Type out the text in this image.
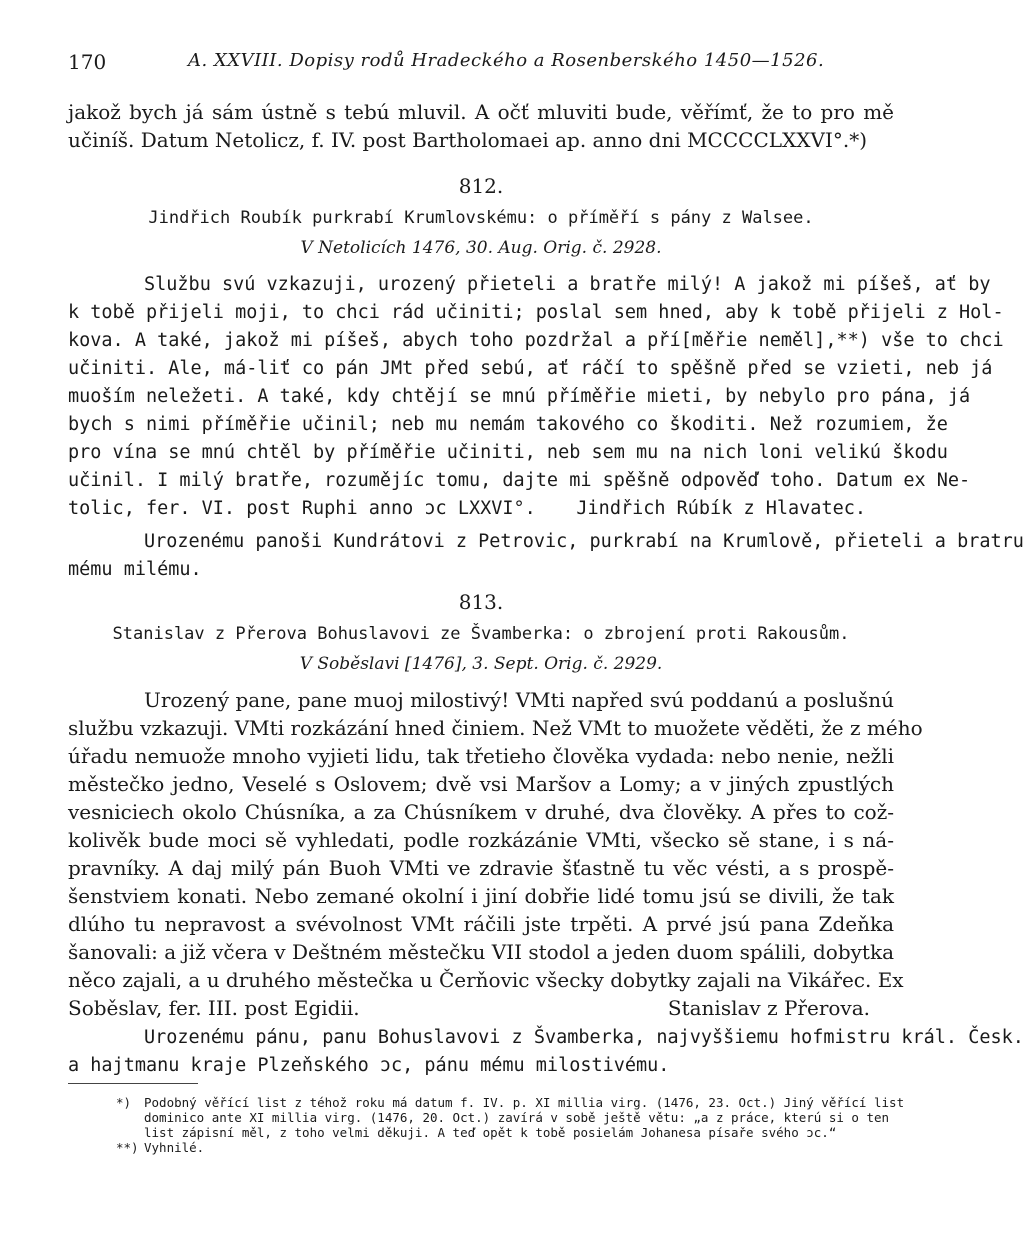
170	A. XXVIII. Dopisy rodů Hradeckého a Rosenberského 1450—1526.
jakož bych já sám ústně s tebú mluvil. A očť mluviti bude, věřímť, že to pro mě
učiníš. Datum Netolicz, f. IV. post Bartholomaei ap. anno dni MCCCCLXXVI°.*)
812.
Jindřich Roubík purkrabí Krumlovskému: o příměří s pány z Walsee.
V Netolicích 1476, 30. Aug. Orig. č. 2928.
Službu svú vzkazuji, urozený přieteli a bratře milý! A jakož mi píšeš, ať by
k tobě přijeli moji, to chci rád učiniti; poslal sem hned, aby k tobě přijeli z Hol-
kova. A také, jakož mi píšeš, abych toho pozdržal a pří[měřie neměl],**) vše to chci
učiniti. Ale, má-liť co pán JMt před sebú, ať ráčí to spěšně před se vzieti, neb já
muoším neležeti. A také, kdy chtějí se mnú příměřie mieti, by nebylo pro pána, já
bych s nimi příměřie učinil; neb mu nemám takového co škoditi. Než rozumiem, že
pro vína se mnú chtěl by příměřie učiniti, neb sem mu na nich loni velikú škodu
učinil. I milý bratře, rozumějíc tomu, dajte mi spěšně odpověď toho. Datum ex Ne-
tolic, fer. VI. post Ruphi anno ɔc LXXVI°. Jindřich Rúbík z Hlavatec.
Urozenému panoši Kundrátovi z Petrovic, purkrabí na Krumlově, přieteli a bratru
mému milému.
813.
Stanislav z Přerova Bohuslavovi ze Švamberka: o zbrojení proti Rakousům.
V Soběslavi [1476], 3. Sept. Orig. č. 2929.
Urozený pane, pane muoj milostivý! VMti napřed svú poddanú a poslušnú
službu vzkazuji. VMti rozkázání hned činiem. Než VMt to muožete věděti, že z mého
úřadu nemuože mnoho vyjieti lidu, tak třetieho člověka vydada: nebo nenie, nežli
městečko jedno, Veselé s Oslovem; dvě vsi Maršov a Lomy; a v jiných zpustlých
vesniciech okolo Chúsníka, a za Chúsníkem v druhé, dva člověky. A přes to což-
kolivěk bude moci sě vyhledati, podle rozkázánie VMti, všecko sě stane, i s ná-
pravníky. A daj milý pán Buoh VMti ve zdravie šťastně tu věc vésti, a s prospě-
šenstviem konati. Nebo zemané okolní i jiní dobřie lidé tomu jsú se divili, že tak
dlúho tu nepravost a svévolnost VMt ráčili jste trpěti. A prvé jsú pana Zdeňka
šanovali: a již včera v Deštném městečku VII stodol a jeden duom spálili, dobytka
něco zajali, a u druhého městečka u Čerňovic všecky dobytky zajali na Vikářec. Ex
Soběslav, fer. III. post Egidii.	Stanislav z Přerova.
Urozenému pánu, panu Bohuslavovi z Švamberka, najvyššiemu hofmistru král. Česk.
a hajtmanu kraje Plzeňského ɔc, pánu mému milostivému.
*) Podobný věřící list z téhož roku má datum f. IV. p. XI millia virg. (1476, 23. Oct.) Jiný věřící list
dominico ante XI millia virg. (1476, 20. Oct.) zavírá v sobě ještě větu: „a z práce, kterú si o ten
list zápisní měl, z toho velmi děkuji. A teď opět k tobě posielám Johanesa písaře svého ɔc.“
**) Vyhnilé.
